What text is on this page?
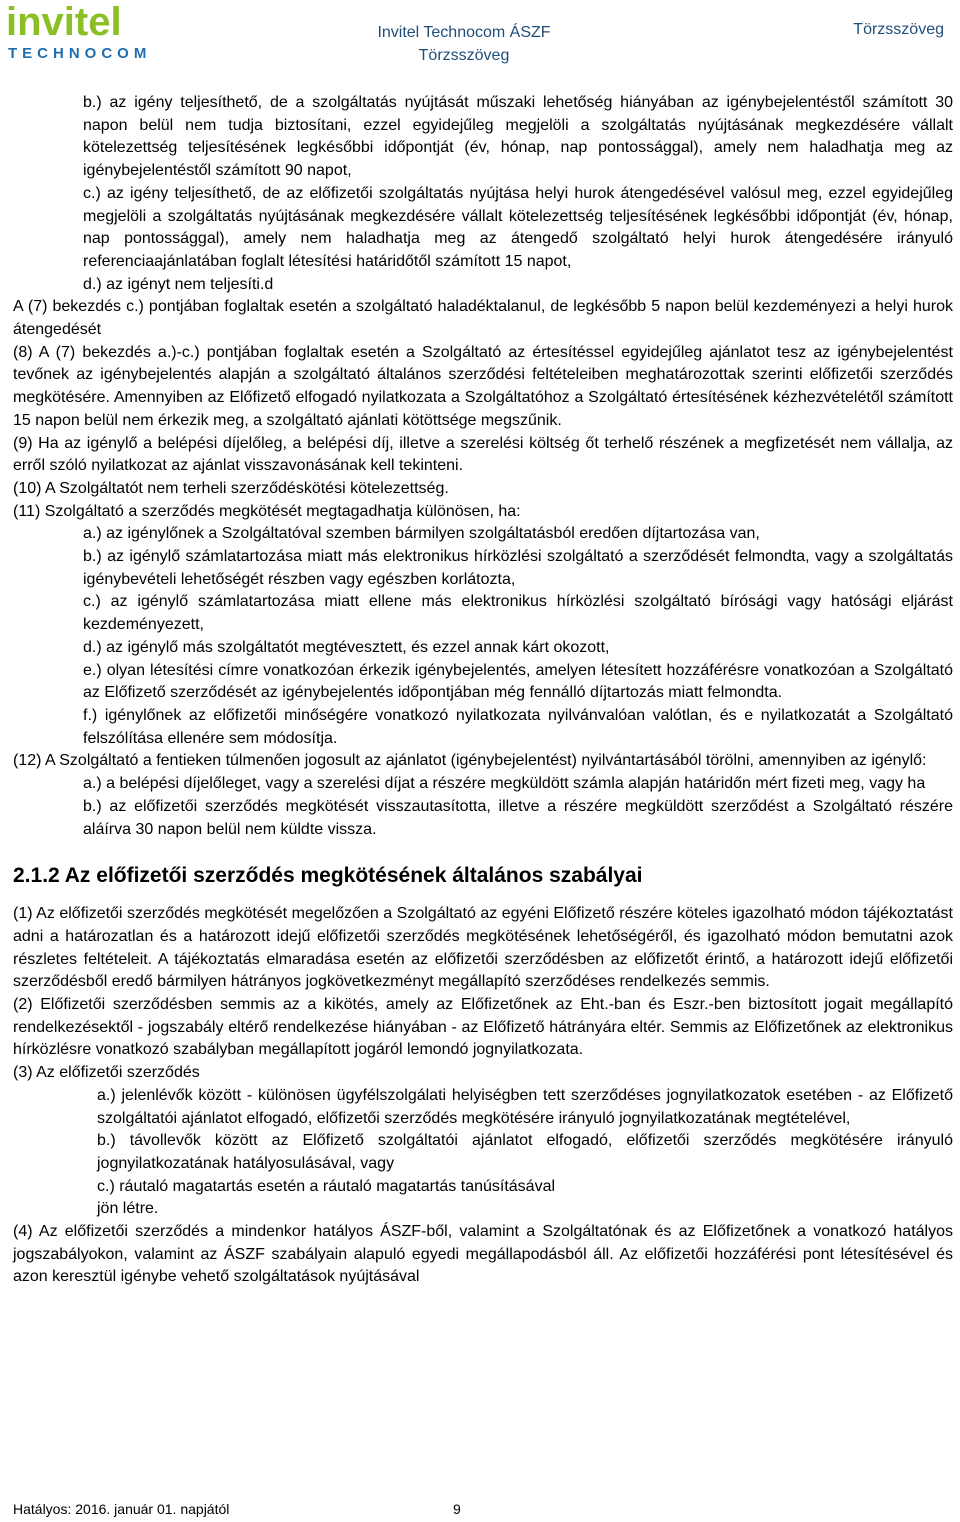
invitel
TECHNOCOM
Invitel Technocom ÁSZF
Törzsszöveg
Törzsszöveg

b.) az igény teljesíthető, de a szolgáltatás nyújtását műszaki lehetőség hiányában az igénybejelentéstől számított 30 napon belül nem tudja biztosítani, ezzel egyidejűleg megjelöli a szolgáltatás nyújtásának megkezdésére vállalt kötelezettség teljesítésének legkésőbbi időpontját (év, hónap, nap pontossággal), amely nem haladhatja meg az igénybejelentéstől számított 90 napot,

c.) az igény teljesíthető, de az előfizetői szolgáltatás nyújtása helyi hurok átengedésével valósul meg, ezzel egyidejűleg megjelöli a szolgáltatás nyújtásának megkezdésére vállalt kötelezettség teljesítésének legkésőbbi időpontját (év, hónap, nap pontossággal), amely nem haladhatja meg az átengedő szolgáltató helyi hurok átengedésére irányuló referenciaajánlatában foglalt létesítési határidőtől számított 15 napot,

d.) az igényt nem teljesíti.d

A (7) bekezdés c.) pontjában foglaltak esetén a szolgáltató haladéktalanul, de legkésőbb 5 napon belül kezdeményezi a helyi hurok átengedését

(8) A (7) bekezdés a.)-c.) pontjában foglaltak esetén a Szolgáltató az értesítéssel egyidejűleg ajánlatot tesz az igénybejelentést tevőnek az igénybejelentés alapján a szolgáltató általános szerződési feltételeiben meghatározottak szerinti előfizetői szerződés megkötésére. Amennyiben az Előfizető elfogadó nyilatkozata a Szolgáltatóhoz a Szolgáltató értesítésének kézhezvételétől számított 15 napon belül nem érkezik meg, a szolgáltató ajánlati kötöttsége megszűnik.

(9) Ha az igénylő a belépési díjelőleg, a belépési díj, illetve a szerelési költség őt terhelő részének a megfizetését nem vállalja, az erről szóló nyilatkozat az ajánlat visszavonásának kell tekinteni.

(10) A Szolgáltatót nem terheli szerződéskötési kötelezettség.

(11) Szolgáltató a szerződés megkötését megtagadhatja különösen, ha:

a.) az igénylőnek a Szolgáltatóval szemben bármilyen szolgáltatásból eredően díjtartozása van,

b.) az igénylő számlatartozása miatt más elektronikus hírközlési szolgáltató a szerződését felmondta, vagy a szolgáltatás igénybevételi lehetőségét részben vagy egészben korlátozta,

c.) az igénylő számlatartozása miatt ellene más elektronikus hírközlési szolgáltató bírósági vagy hatósági eljárást kezdeményezett,

d.) az igénylő más szolgáltatót megtévesztett, és ezzel annak kárt okozott,

e.) olyan létesítési címre vonatkozóan érkezik igénybejelentés, amelyen létesített hozzáférésre vonatkozóan a Szolgáltató az Előfizető szerződését az igénybejelentés időpontjában még fennálló díjtartozás miatt felmondta.

f.) igénylőnek az előfizetői minőségére vonatkozó nyilatkozata nyilvánvalóan valótlan, és e nyilatkozatát a Szolgáltató felszólítása ellenére sem módosítja.

(12) A Szolgáltató a fentieken túlmenően jogosult az ajánlatot (igénybejelentést) nyilvántartásából törölni, amennyiben az igénylő:

a.) a belépési díjelőleget, vagy a szerelési díjat a részére megküldött számla alapján határidőn mért fizeti meg, vagy ha

b.) az előfizetői szerződés megkötését visszautasította, illetve a részére megküldött szerződést a Szolgáltató részére aláírva 30 napon belül nem küldte vissza.

2.1.2 Az előfizetői szerződés megkötésének általános szabályai

(1) Az előfizetői szerződés megkötését megelőzően a Szolgáltató az egyéni Előfizető részére köteles igazolható módon tájékoztatást adni a határozatlan és a határozott idejű előfizetői szerződés megkötésének lehetőségéről, és igazolható módon bemutatni azok részletes feltételeit. A tájékoztatás elmaradása esetén az előfizetői szerződésben az előfizetőt érintő, a határozott idejű előfizetői szerződésből eredő bármilyen hátrányos jogkövetkezményt megállapító szerződéses rendelkezés semmis.

(2) Előfizetői szerződésben semmis az a kikötés, amely az Előfizetőnek az Eht.-ban és Eszr.-ben biztosított jogait megállapító rendelkezésektől - jogszabály eltérő rendelkezése hiányában - az Előfizető hátrányára eltér. Semmis az Előfizetőnek az elektronikus hírközlésre vonatkozó szabályban megállapított jogáról lemondó jognyilatkozata.

(3) Az előfizetői szerződés

a.) jelenlévők között - különösen ügyfélszolgálati helyiségben tett szerződéses jognyilatkozatok esetében - az Előfizető szolgáltatói ajánlatot elfogadó, előfizetői szerződés megkötésére irányuló jognyilatkozatának megtételével,

b.) távollevők között az Előfizető szolgáltatói ajánlatot elfogadó, előfizetői szerződés megkötésére irányuló jognyilatkozatának hatályosulásával, vagy

c.) ráutaló magatartás esetén a ráutaló magatartás tanúsításával

jön létre.

(4) Az előfizetői szerződés a mindenkor hatályos ÁSZF-ből, valamint a Szolgáltatónak és az Előfizetőnek a vonatkozó hatályos jogszabályokon, valamint az ÁSZF szabályain alapuló egyedi megállapodásból áll. Az előfizetői hozzáférési pont létesítésével és azon keresztül igénybe vehető szolgáltatások nyújtásával

Hatályos: 2016. január 01. napjától	9
